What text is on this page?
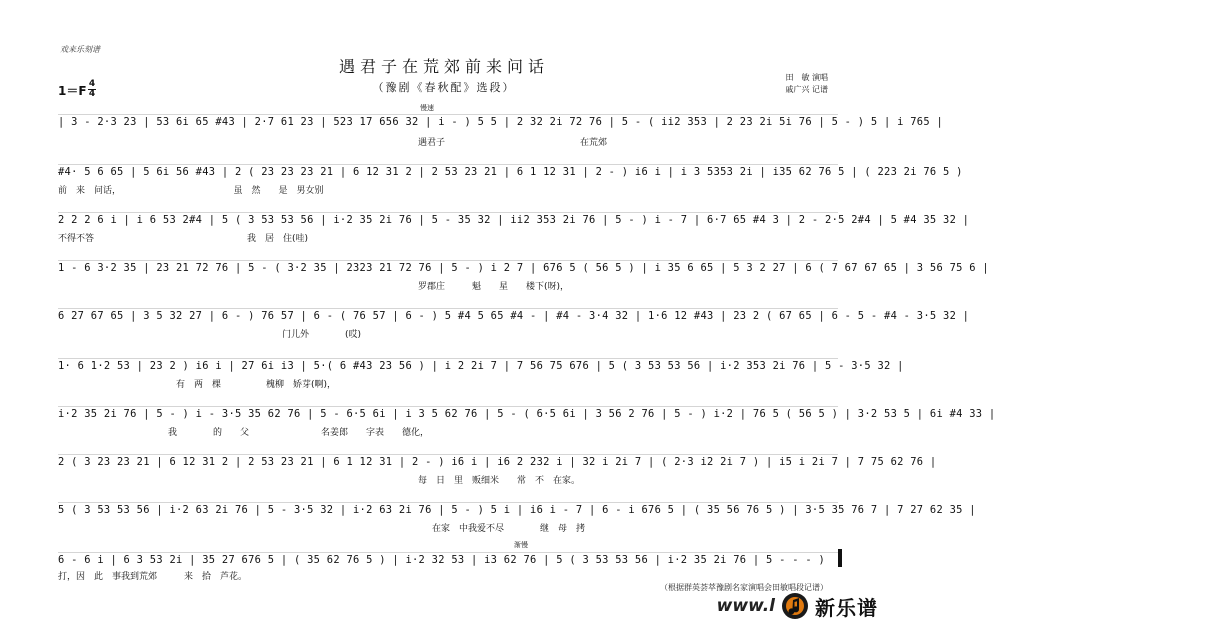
戏来乐刻谱
遇君子在荒郊前来问话
（豫剧《春秋配》选段）
1＝F 4
4
田　敏 演唱
戚广兴 记谱
慢速
渐慢
| 3 - 2·3 23 | 53 6i 65 #43 | 2·7 61 23 | 523 17 656 32 | i - ) 5 5 | 2 32 2i 72 76 | 5 - ( ii2 353 | 2 23 2i 5i 76 | 5 - ) 5 | i 765 |
遇君子　　　　　　　　　　　　　　　在荒郊
#4· 5 6 65 | 5 6i 56 #43 | 2 ( 23 23 23 21 | 6 12 31 2 | 2 53 23 21 | 6 1 12 31 | 2 - ) i6 i | i 3 5353 2i | i35 62 76 5 | ( 223 2i 76 5 )
前　来　问话，　　　　　　　　　　　　　虽　然　　是　男女别
2 2 2 6 i | i 6 53 2#4 | 5 ( 3 53 53 56 | i·2 35 2i 76 | 5 - 35 32 | ii2 353 2i 76 | 5 - ) i - 7 | 6·7 65 #4 3 | 2 - 2·5 2#4 | 5 #4 35 32 |
不得不答　　　　　　　　　　　　　　　　　我　居　住(哇)
1 - 6 3·2 35 | 23 21 72 76 | 5 - ( 3·2 35 | 2323 21 72 76 | 5 - ) i 2 7 | 676 5 ( 56 5 ) | i 35 6 65 | 5 3 2 27 | 6 ( 7 67 67 65 | 3 56 75 6 |
罗郡庄　　　魁　　星　　楼下(呀)，
6 27 67 65 | 3 5 32 27 | 6 - ) 76 57 | 6 - ( 76 57 | 6 - ) 5 #4 5 65 #4 - | #4 - 3·4 32 | 1·6 12 #43 | 23 2 ( 67 65 | 6 - 5 - #4 - 3·5 32 |
　　　　　　门儿外　　　　(哎)
1· 6 1·2 53 | 23 2 ) i6 i | 27 6i i3 | 5·( 6 #43 23 56 ) | i 2 2i 7 | 7 56 75 676 | 5 ( 3 53 53 56 | i·2 353 2i 76 | 5 - 3·5 32 |
有　两　棵　　　　　槐柳　娇芽(啊)，
i·2 35 2i 76 | 5 - ) i - 3·5 35 62 76 | 5 - 6·5 6i | i 3 5 62 76 | 5 - ( 6·5 6i | 3 56 2 76 | 5 - ) i·2 | 76 5 ( 56 5 ) | 3·2 53 5 | 6i #4 33 |
我　　　　的　　父　　　　　　　　名姜郎　　字表　　德化，
2 ( 3 23 23 21 | 6 12 31 2 | 2 53 23 21 | 6 1 12 31 | 2 - ) i6 i | i6 2 232 i | 32 i 2i 7 | ( 2·3 i2 2i 7 ) | i5 i 2i 7 | 7 75 62 76 |
每　日　里　贩细米　　常　不　在家。
5 ( 3 53 53 56 | i·2 63 2i 76 | 5 - 3·5 32 | i·2 63 2i 76 | 5 - ) 5 i | i6 i - 7 | 6 - i 676 5 | ( 35 56 76 5 ) | 3·5 35 76 7 | 7 27 62 35 |
在家　中我爱不尽　　　　继　母　拷
6 - 6 i | 6 3 53 2i | 35 27 676 5 | ( 35 62 76 5 ) | i·2 32 53 | i3 62 76 | 5 ( 3 53 53 56 | i·2 35 2i 76 | 5 - - - )
打，因　此　事我到荒郊　　　来　拾　芦花。
（根据群英荟萃豫剧名家演唱会田敏唱段记谱）
www.l 新乐谱
